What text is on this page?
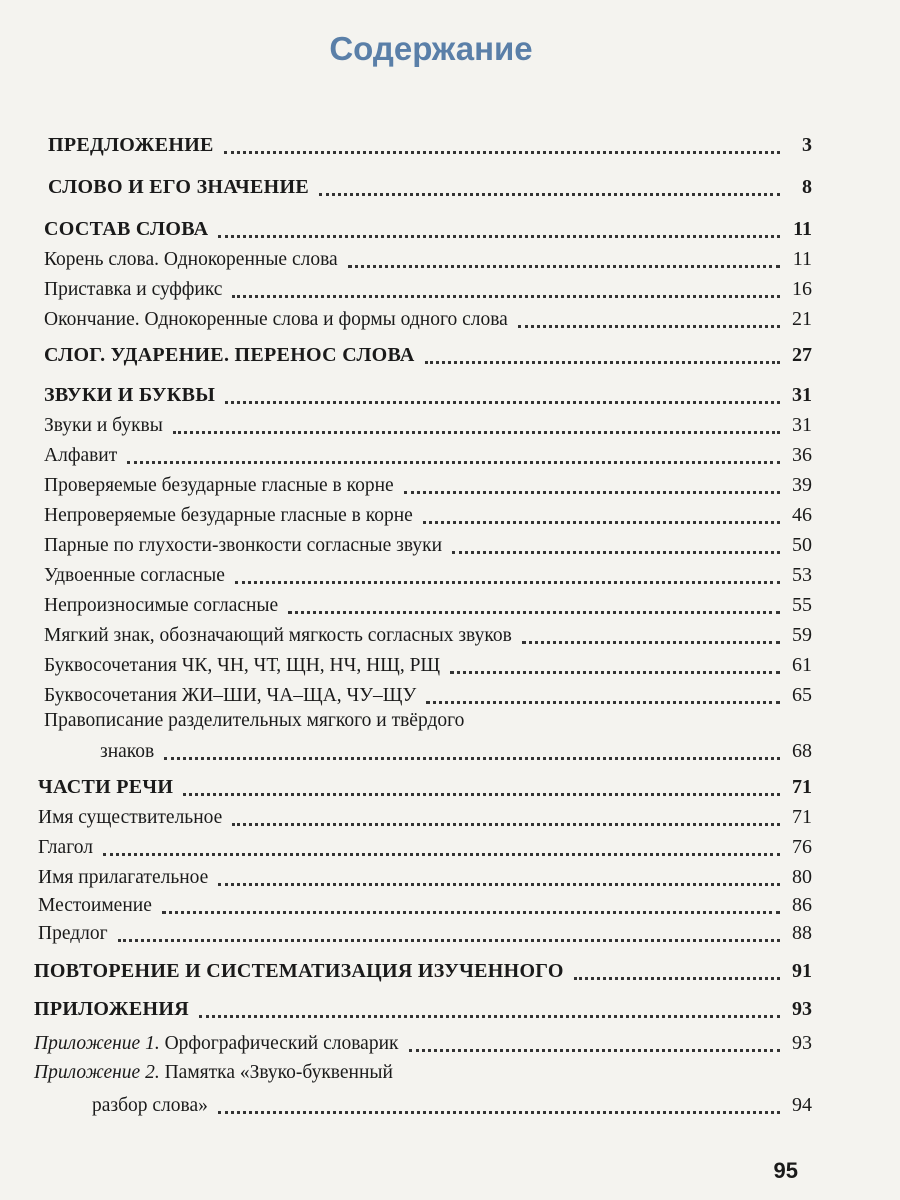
Содержание
ПРЕДЛОЖЕНИЕ	3
СЛОВО И ЕГО ЗНАЧЕНИЕ	8
СОСТАВ СЛОВА	11
Корень слова. Однокоренные слова	11
Приставка и суффикс	16
Окончание. Однокоренные слова и формы одного слова	21
СЛОГ. УДАРЕНИЕ. ПЕРЕНОС СЛОВА	27
ЗВУКИ И БУКВЫ	31
Звуки и буквы	31
Алфавит	36
Проверяемые безударные гласные в корне	39
Непроверяемые безударные гласные в корне	46
Парные по глухости-звонкости согласные звуки	50
Удвоенные согласные	53
Непроизносимые согласные	55
Мягкий знак, обозначающий мягкость согласных звуков	59
Буквосочетания ЧК, ЧН, ЧТ, ЩН, НЧ, НЩ, РЩ	61
Буквосочетания ЖИ–ШИ, ЧА–ЩА, ЧУ–ЩУ	65
Правописание разделительных мягкого и твёрдого
знаков	68
ЧАСТИ РЕЧИ	71
Имя существительное	71
Глагол	76
Имя прилагательное	80
Местоимение	86
Предлог	88
ПОВТОРЕНИЕ И СИСТЕМАТИЗАЦИЯ ИЗУЧЕННОГО	91
ПРИЛОЖЕНИЯ	93
Приложение 1. Орфографический словарик	93
Приложение 2. Памятка «Звуко-буквенный
разбор слова»	94
95
